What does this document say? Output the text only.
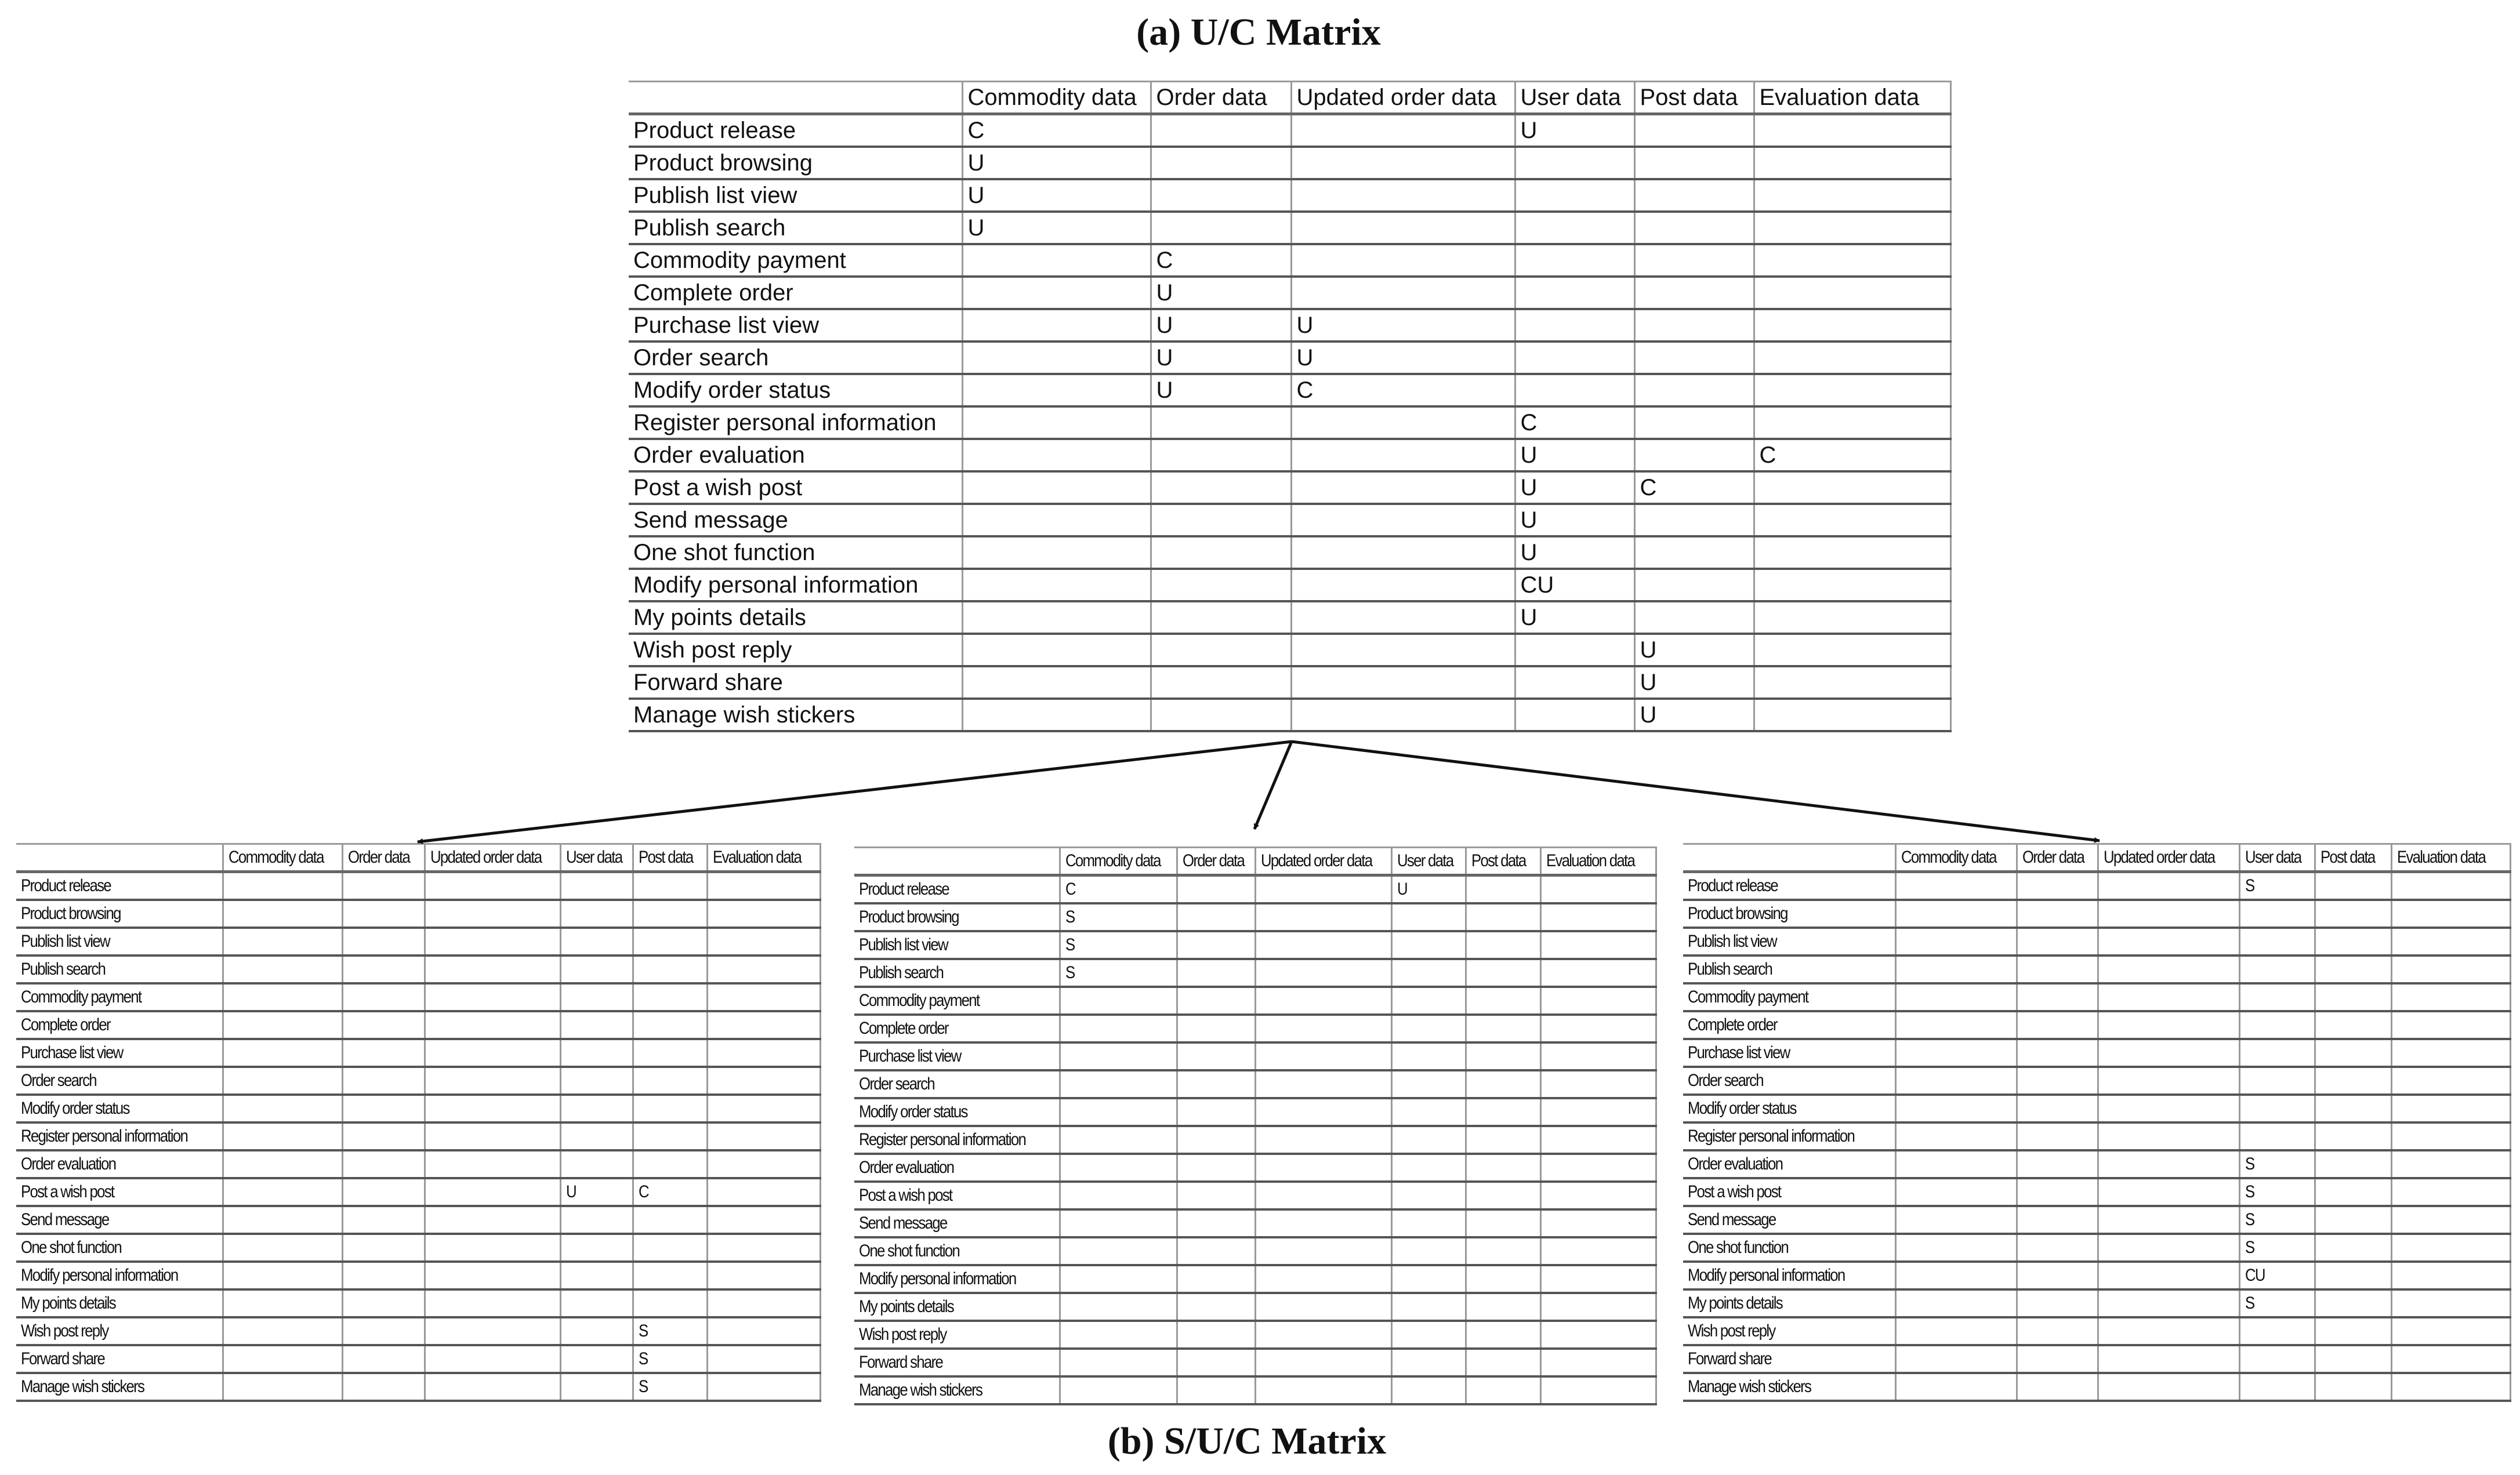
(a) U/C Matrix
(b) S/U/C Matrix
	Commodity data	Order data	Updated order data	User data	Post data	Evaluation data
Product release	C			U		
Product browsing	U					
Publish list view	U					
Publish search	U					
Commodity payment		C				
Complete order		U				
Purchase list view		U	U			
Order search		U	U			
Modify order status		U	C			
Register personal information				C		
Order evaluation				U		C
Post a wish post				U	C	
Send message				U		
One shot function				U		
Modify personal information				CU		
My points details				U		
Wish post reply					U	
Forward share					U	
Manage wish stickers					U	
	Commodity data	Order data	Updated order data	User data	Post data	Evaluation data
Product release						
Product browsing						
Publish list view						
Publish search						
Commodity payment						
Complete order						
Purchase list view						
Order search						
Modify order status						
Register personal information						
Order evaluation						
Post a wish post				U	C	
Send message						
One shot function						
Modify personal information						
My points details						
Wish post reply					S	
Forward share					S	
Manage wish stickers					S	
	Commodity data	Order data	Updated order data	User data	Post data	Evaluation data
Product release	C			U		
Product browsing	S					
Publish list view	S					
Publish search	S					
Commodity payment						
Complete order						
Purchase list view						
Order search						
Modify order status						
Register personal information						
Order evaluation						
Post a wish post						
Send message						
One shot function						
Modify personal information						
My points details						
Wish post reply						
Forward share						
Manage wish stickers						
	Commodity data	Order data	Updated order data	User data	Post data	Evaluation data
Product release				S		
Product browsing						
Publish list view						
Publish search						
Commodity payment						
Complete order						
Purchase list view						
Order search						
Modify order status						
Register personal information						
Order evaluation				S		
Post a wish post				S		
Send message				S		
One shot function				S		
Modify personal information				CU		
My points details				S		
Wish post reply						
Forward share						
Manage wish stickers						
